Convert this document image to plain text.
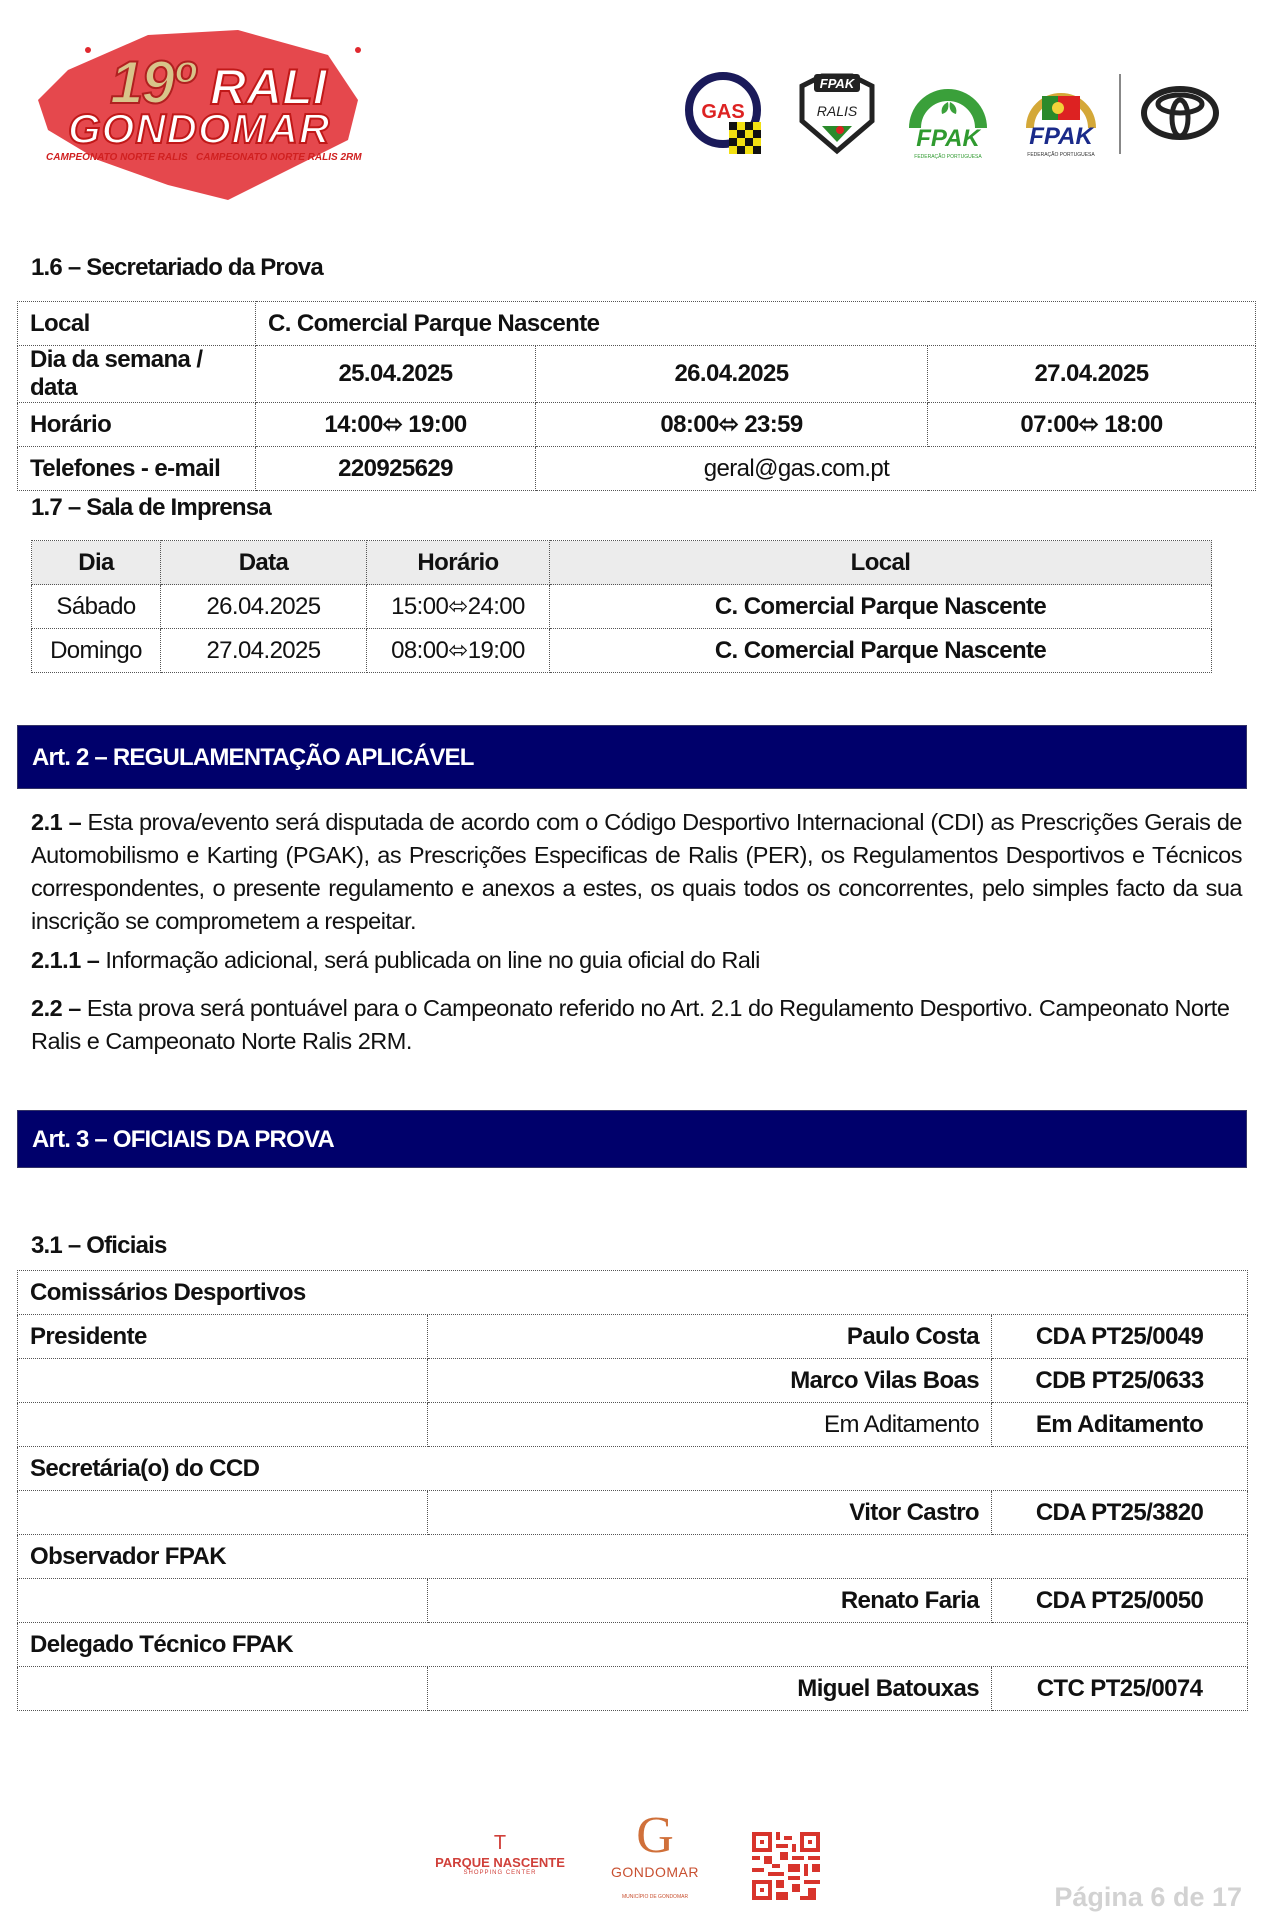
19º RALI
GONDOMAR
CAMPEONATO NORTE RALIS   CAMPEONATO NORTE RALIS 2RM
GAS
FPAK
RALIS
FPAK
FEDERAÇÃO PORTUGUESA
FPAK
FEDERAÇÃO PORTUGUESA
1.6 – Secretariado da Prova
Local	C. Comercial Parque Nascente		
Dia da semana / data	25.04.2025	26.04.2025	27.04.2025
Horário	14:00⬄ 19:00	08:00⬄ 23:59	07:00⬄ 18:00
Telefones - e-mail	220925629	geral@gas.com.pt	
1.7 – Sala de Imprensa
Dia	Data	Horário	Local
Sábado	26.04.2025	15:00⬄24:00	C. Comercial Parque Nascente
Domingo	27.04.2025	08:00⬄19:00	C. Comercial Parque Nascente
Art. 2 – REGULAMENTAÇÃO APLICÁVEL
2.1 – Esta prova/evento será disputada de acordo com o Código Desportivo Internacional (CDI) as Prescrições Gerais de Automobilismo e Karting (PGAK), as Prescrições Especificas de Ralis (PER), os Regulamentos Desportivos e Técnicos correspondentes, o presente regulamento e anexos a estes, os quais todos os concorrentes, pelo simples facto da sua inscrição se comprometem a respeitar.
2.1.1 – Informação adicional, será publicada on line no guia oficial do Rali
2.2 – Esta prova será pontuável para o Campeonato referido no Art. 2.1 do Regulamento Desportivo. Campeonato Norte Ralis e Campeonato Norte Ralis 2RM.
Art. 3 – OFICIAIS DA PROVA
3.1 – Oficiais
Comissários Desportivos		
Presidente	Paulo Costa	CDA PT25/0049
	Marco Vilas Boas	CDB PT25/0633
	Em Aditamento	Em Aditamento
Secretária(o) do CCD		
	Vitor Castro	CDA PT25/3820
Observador FPAK		
	Renato Faria	CDA PT25/0050
Delegado Técnico FPAK		
	Miguel Batouxas	CTC PT25/0074
Τ
PARQUE NASCENTE
SHOPPING CENTER
G
GONDOMAR
MUNICÍPIO DE GONDOMAR	Página 6 de 17
